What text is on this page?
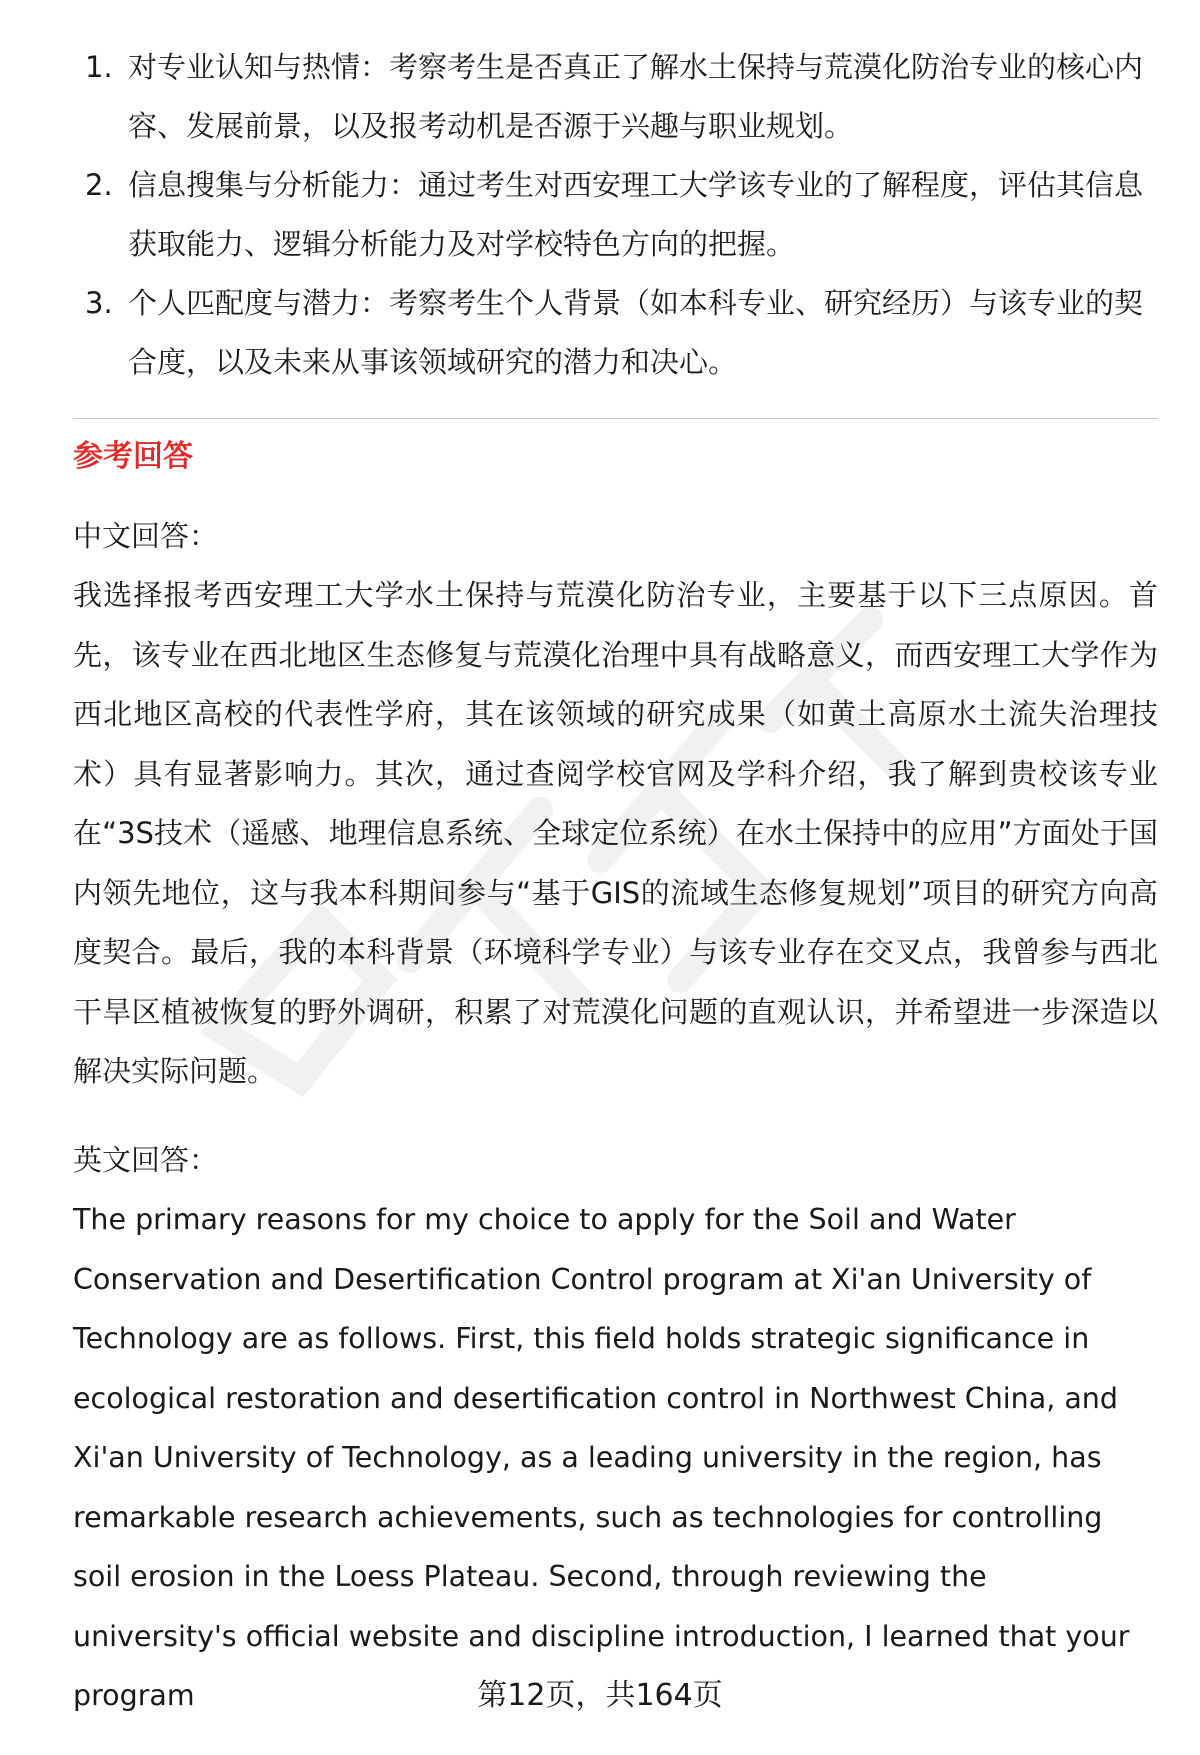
1. 对专业认知与热情：考察考生是否真正了解水土保持与荒漠化防治专业的核心内容、发展前景，以及报考动机是否源于兴趣与职业规划。
2. 信息搜集与分析能力：通过考生对西安理工大学该专业的了解程度，评估其信息获取能力、逻辑分析能力及对学校特色方向的把握。
3. 个人匹配度与潜力：考察考生个人背景（如本科专业、研究经历）与该专业的契合度，以及未来从事该领域研究的潜力和决心。
参考回答

中文回答：

我选择报考西安理工大学水土保持与荒漠化防治专业，主要基于以下三点原因。首先，该专业在西北地区生态修复与荒漠化治理中具有战略意义，而西安理工大学作为西北地区高校的代表性学府，其在该领域的研究成果（如黄土高原水土流失治理技术）具有显著影响力。其次，通过查阅学校官网及学科介绍，我了解到贵校该专业在“3S技术（遥感、地理信息系统、全球定位系统）在水土保持中的应用”方面处于国内领先地位，这与我本科期间参与“基于GIS的流域生态修复规划”项目的研究方向高度契合。最后，我的本科背景（环境科学专业）与该专业存在交叉点，我曾参与西北干旱区植被恢复的野外调研，积累了对荒漠化问题的直观认识，并希望进一步深造以解决实际问题。

英文回答：

The primary reasons for my choice to apply for the Soil and Water Conservation and Desertification Control program at Xi'an University of Technology are as follows. First, this field holds strategic significance in ecological restoration and desertification control in Northwest China, and Xi'an University of Technology, as a leading university in the region, has remarkable research achievements, such as technologies for controlling soil erosion in the Loess Plateau. Second, through reviewing the university's official website and discipline introduction, I learned that your program	第12页，共164页
